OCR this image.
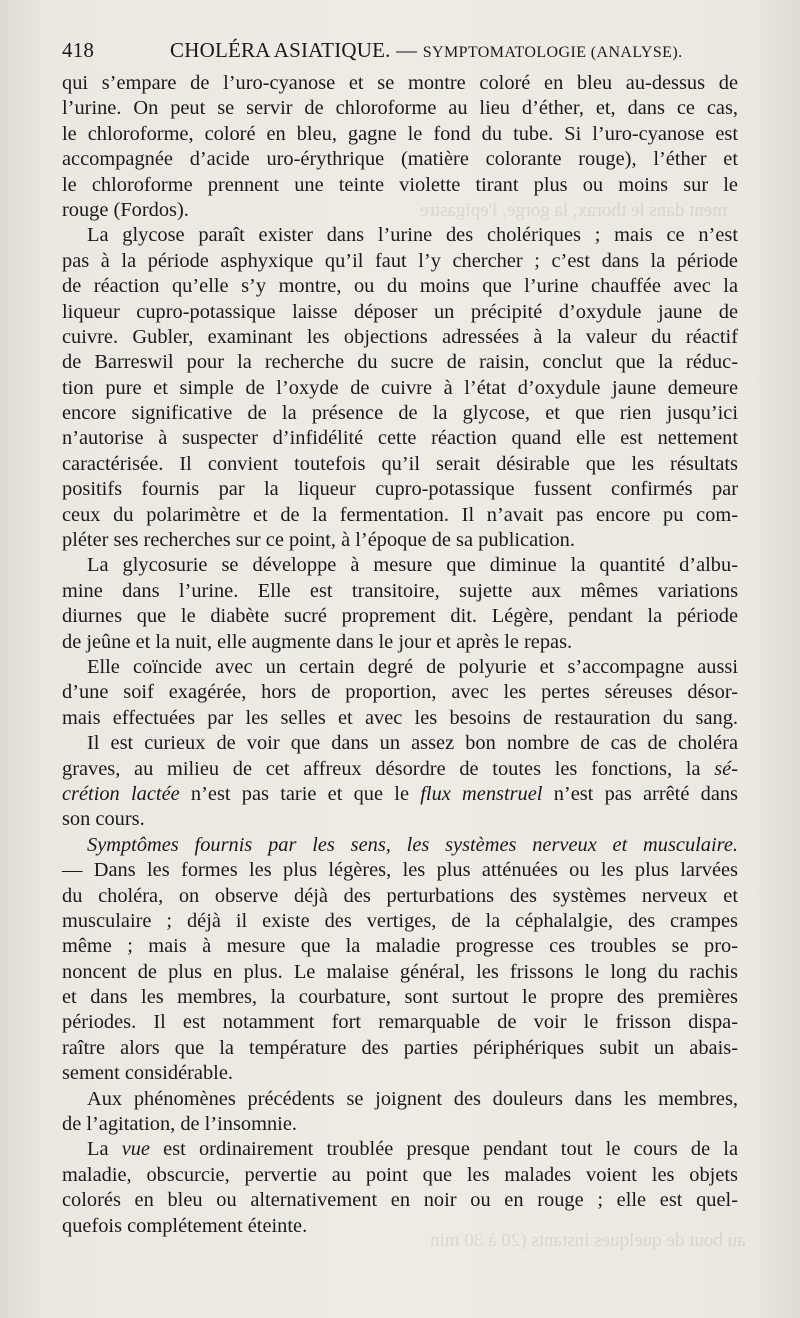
ment dans le thorax, la gorge, l'epigastre
au bout de quelques instants (20 à 30 min
418	CHOLÉRA ASIATIQUE. — SYMPTOMATOLOGIE (ANALYSE).
qui s’empare de l’uro-cyanose et se montre coloré en bleu au-dessus de
l’urine. On peut se servir de chloroforme au lieu d’éther, et, dans ce cas,
le chloroforme, coloré en bleu, gagne le fond du tube. Si l’uro-cyanose est
accompagnée d’acide uro-érythrique (matière colorante rouge), l’éther et
le chloroforme prennent une teinte violette tirant plus ou moins sur le
rouge (Fordos).
La glycose paraît exister dans l’urine des cholériques ; mais ce n’est
pas à la période asphyxique qu’il faut l’y chercher ; c’est dans la période
de réaction qu’elle s’y montre, ou du moins que l’urine chauffée avec la
liqueur cupro-potassique laisse déposer un précipité d’oxydule jaune de
cuivre. Gubler, examinant les objections adressées à la valeur du réactif
de Barreswil pour la recherche du sucre de raisin, conclut que la réduc-
tion pure et simple de l’oxyde de cuivre à l’état d’oxydule jaune demeure
encore significative de la présence de la glycose, et que rien jusqu’ici
n’autorise à suspecter d’infidélité cette réaction quand elle est nettement
caractérisée. Il convient toutefois qu’il serait désirable que les résultats
positifs fournis par la liqueur cupro-potassique fussent confirmés par
ceux du polarimètre et de la fermentation. Il n’avait pas encore pu com-
pléter ses recherches sur ce point, à l’époque de sa publication.
La glycosurie se développe à mesure que diminue la quantité d’albu-
mine dans l’urine. Elle est transitoire, sujette aux mêmes variations
diurnes que le diabète sucré proprement dit. Légère, pendant la période
de jeûne et la nuit, elle augmente dans le jour et après le repas.
Elle coïncide avec un certain degré de polyurie et s’accompagne aussi
d’une soif exagérée, hors de proportion, avec les pertes séreuses désor-
mais effectuées par les selles et avec les besoins de restauration du sang.
Il est curieux de voir que dans un assez bon nombre de cas de choléra
graves, au milieu de cet affreux désordre de toutes les fonctions, la sé-
crétion lactée n’est pas tarie et que le flux menstruel n’est pas arrêté dans
son cours.
Symptômes fournis par les sens, les systèmes nerveux et musculaire.
— Dans les formes les plus légères, les plus atténuées ou les plus larvées
du choléra, on observe déjà des perturbations des systèmes nerveux et
musculaire ; déjà il existe des vertiges, de la céphalalgie, des crampes
même ; mais à mesure que la maladie progresse ces troubles se pro-
noncent de plus en plus. Le malaise général, les frissons le long du rachis
et dans les membres, la courbature, sont surtout le propre des premières
périodes. Il est notamment fort remarquable de voir le frisson dispa-
raître alors que la température des parties périphériques subit un abais-
sement considérable.
Aux phénomènes précédents se joignent des douleurs dans les membres,
de l’agitation, de l’insomnie.
La vue est ordinairement troublée presque pendant tout le cours de la
maladie, obscurcie, pervertie au point que les malades voient les objets
colorés en bleu ou alternativement en noir ou en rouge ; elle est quel-
quefois complétement éteinte.
